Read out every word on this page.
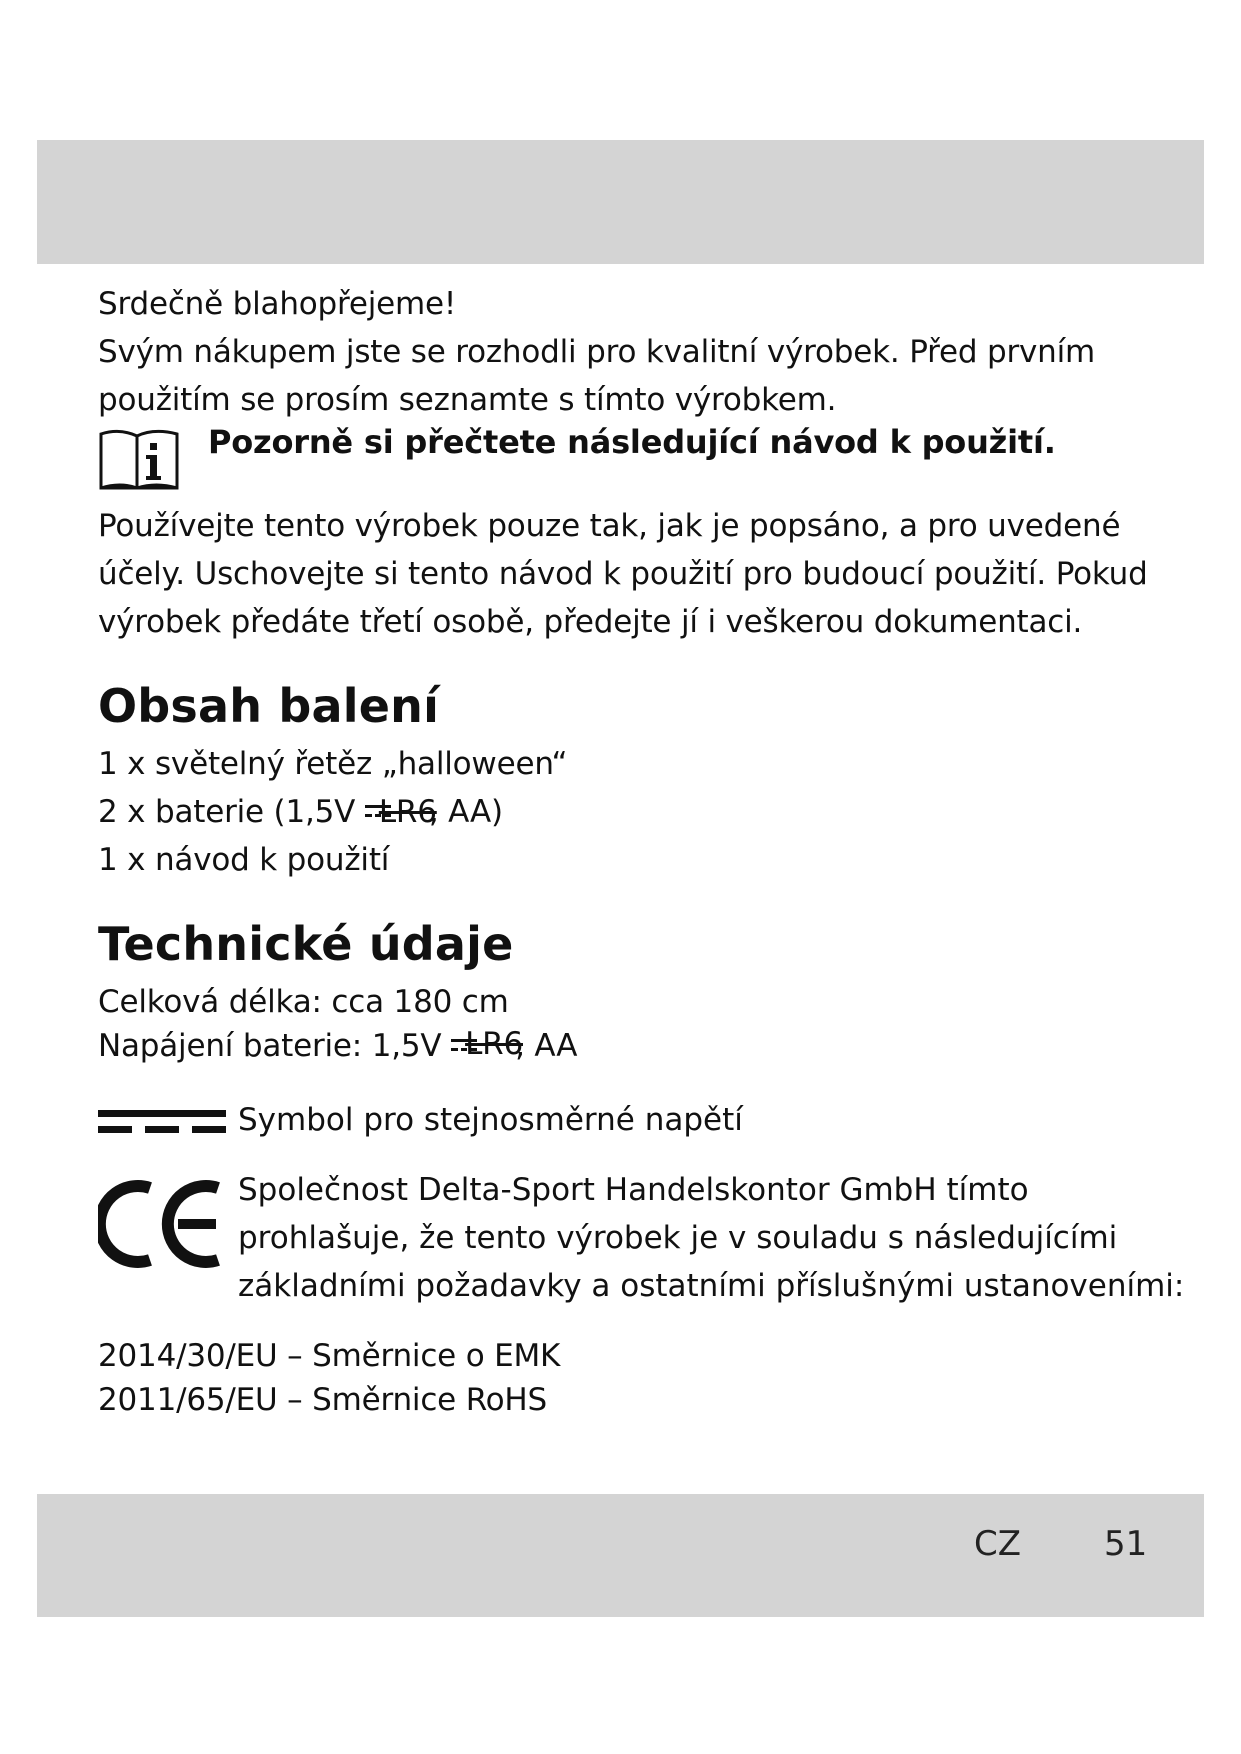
Srdečně blahopřejeme!
Svým nákupem jste se rozhodli pro kvalitní výrobek. Před prvním
použitím se prosím seznamte s tímto výrobkem.

Pozorně si přečtete následující návod k použití.

Používejte tento výrobek pouze tak, jak je popsáno, a pro uvedené
účely. Uschovejte si tento návod k použití pro budoucí použití. Pokud
výrobek předáte třetí osobě, předejte jí i veškerou dokumentaci.

Obsah balení

1 x světelný řetěz „halloween“
2 x baterie (1,5V LR6
, AA)
1 x návod k použití

Technické údaje

Celková délka: cca 180 cm
Napájení baterie: 1,5V LR6
, AA

Symbol pro stejnosměrné napětí
Společnost Delta-Sport Handelskontor GmbH tímto
prohlašuje, že tento výrobek je v souladu s následujícími
základními požadavky a ostatními příslušnými ustanoveními:

2014/30/EU – Směrnice o EMK
2011/65/EU – Směrnice RoHS

CZ 51
